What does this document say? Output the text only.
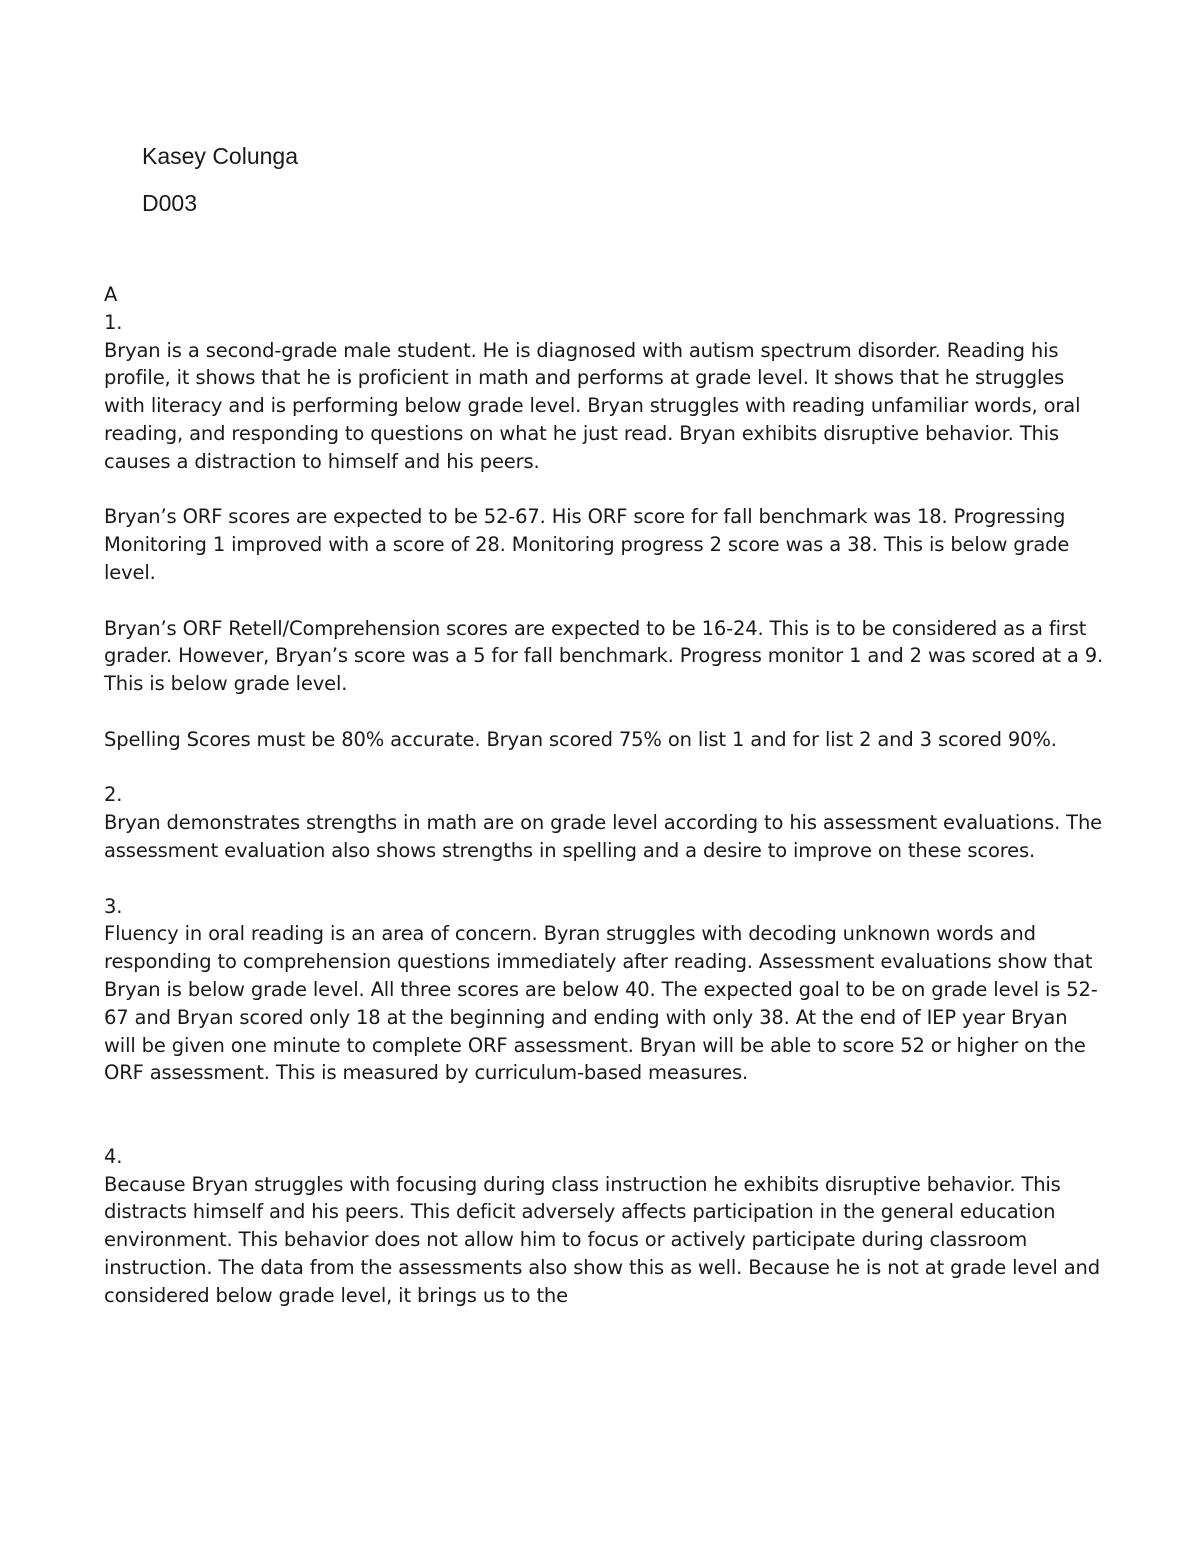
Kasey Colunga
D003

A

1.

Bryan is a second-grade male student. He is diagnosed with autism spectrum disorder. Reading his profile, it shows that he is proficient in math and performs at grade level. It shows that he struggles with literacy and is performing below grade level. Bryan struggles with reading unfamiliar words, oral reading, and responding to questions on what he just read. Bryan exhibits disruptive behavior. This causes a distraction to himself and his peers.

Bryan’s ORF scores are expected to be 52-67. His ORF score for fall benchmark was 18. Progressing Monitoring 1 improved with a score of 28. Monitoring progress 2 score was a 38. This is below grade level.

Bryan’s ORF Retell/Comprehension scores are expected to be 16-24. This is to be considered as a first grader. However, Bryan’s score was a 5 for fall benchmark. Progress monitor 1 and 2 was scored at a 9. This is below grade level.

Spelling Scores must be 80% accurate. Bryan scored 75% on list 1 and for list 2 and 3 scored 90%.

2.

Bryan demonstrates strengths in math are on grade level according to his assessment evaluations. The assessment evaluation also shows strengths in spelling and a desire to improve on these scores.

3.

Fluency in oral reading is an area of concern. Byran struggles with decoding unknown words and responding to comprehension questions immediately after reading. Assessment evaluations show that Bryan is below grade level. All three scores are below 40. The expected goal to be on grade level is 52-67 and Bryan scored only 18 at the beginning and ending with only 38. At the end of IEP year Bryan will be given one minute to complete ORF assessment. Bryan will be able to score 52 or higher on the ORF assessment. This is measured by curriculum-based measures.

4.

Because Bryan struggles with focusing during class instruction he exhibits disruptive behavior. This distracts himself and his peers. This deficit adversely affects participation in the general education environment. This behavior does not allow him to focus or actively participate during classroom instruction. The data from the assessments also show this as well. Because he is not at grade level and considered below grade level, it brings us to the
